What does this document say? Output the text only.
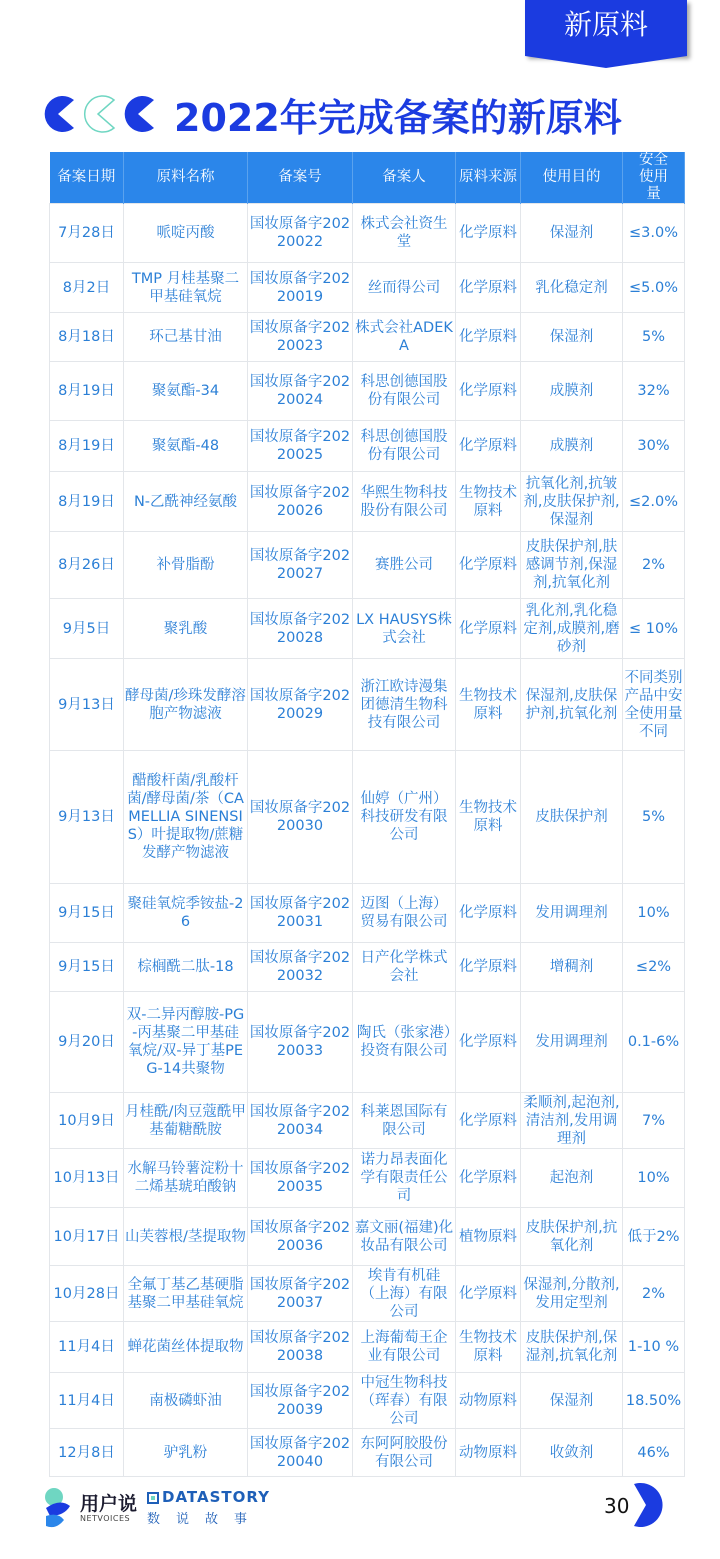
新原料
2022年完成备案的新原料
备案日期	原料名称	备案号	备案人	原料来源	使用目的	安全使用量
7月28日	哌啶丙酸	国妆原备字20220022	株式会社资生堂	化学原料	保湿剂	≤3.0%
8月2日	TMP 月桂基聚二甲基硅氧烷	国妆原备字20220019	丝而得公司	化学原料	乳化稳定剂	≤5.0%
8月18日	环己基甘油	国妆原备字20220023	株式会社ADEKA	化学原料	保湿剂	5%
8月19日	聚氨酯-34	国妆原备字20220024	科思创德国股份有限公司	化学原料	成膜剂	32%
8月19日	聚氨酯-48	国妆原备字20220025	科思创德国股份有限公司	化学原料	成膜剂	30%
8月19日	N-乙酰神经氨酸	国妆原备字20220026	华熙生物科技股份有限公司	生物技术原料	抗氧化剂,抗皱剂,皮肤保护剂,保湿剂	≤2.0%
8月26日	补骨脂酚	国妆原备字20220027	赛胜公司	化学原料	皮肤保护剂,肤感调节剂,保湿剂,抗氧化剂	2%
9月5日	聚乳酸	国妆原备字20220028	LX HAUSYS株式会社	化学原料	乳化剂,乳化稳定剂,成膜剂,磨砂剂	≤ 10%
9月13日	酵母菌/珍珠发酵溶胞产物滤液	国妆原备字20220029	浙江欧诗漫集团德清生物科技有限公司	生物技术原料	保湿剂,皮肤保护剂,抗氧化剂	不同类别产品中安全使用量不同
9月13日	醋酸杆菌/乳酸杆菌/酵母菌/茶（CAMELLIA SINENSIS）叶提取物/蔗糖发酵产物滤液	国妆原备字20220030	仙婷（广州）科技研发有限公司	生物技术原料	皮肤保护剂	5%
9月15日	聚硅氧烷季铵盐-26	国妆原备字20220031	迈图（上海）贸易有限公司	化学原料	发用调理剂	10%
9月15日	棕榈酰二肽-18	国妆原备字20220032	日产化学株式会社	化学原料	增稠剂	≤2%
9月20日	双-二异丙醇胺-PG-丙基聚二甲基硅氧烷/双-异丁基PEG-14共聚物	国妆原备字20220033	陶氏（张家港）投资有限公司	化学原料	发用调理剂	0.1-6%
10月9日	月桂酰/肉豆蔻酰甲基葡糖酰胺	国妆原备字20220034	科莱恩国际有限公司	化学原料	柔顺剂,起泡剂,清洁剂,发用调理剂	7%
10月13日	水解马铃薯淀粉十二烯基琥珀酸钠	国妆原备字20220035	诺力昂表面化学有限责任公司	化学原料	起泡剂	10%
10月17日	山芙蓉根/茎提取物	国妆原备字20220036	嘉文丽(福建)化妆品有限公司	植物原料	皮肤保护剂,抗氧化剂	低于2%
10月28日	全氟丁基乙基硬脂基聚二甲基硅氧烷	国妆原备字20220037	埃肯有机硅（上海）有限公司	化学原料	保湿剂,分散剂,发用定型剂	2%
11月4日	蝉花菌丝体提取物	国妆原备字20220038	上海葡萄王企业有限公司	生物技术原料	皮肤保护剂,保湿剂,抗氧化剂	1-10 %
11月4日	南极磷虾油	国妆原备字20220039	中冠生物科技（珲春）有限公司	动物原料	保湿剂	18.50%
12月8日	驴乳粉	国妆原备字20220040	东阿阿胶股份有限公司	动物原料	收敛剂	46%
用户说
NETVOICES
DATASTORY
数说故事
30
